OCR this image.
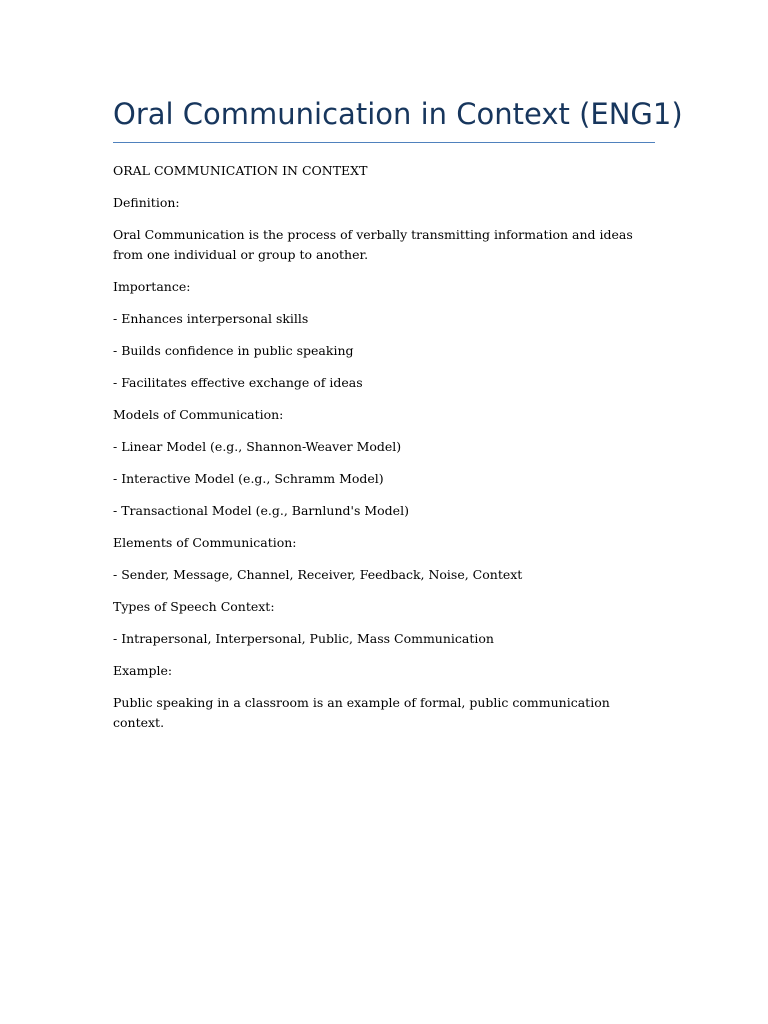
Oral Communication in Context (ENG1)

ORAL COMMUNICATION IN CONTEXT

Definition:

Oral Communication is the process of verbally transmitting information and ideas from one individual or group to another.

Importance:

- Enhances interpersonal skills

- Builds confidence in public speaking

- Facilitates effective exchange of ideas

Models of Communication:

- Linear Model (e.g., Shannon-Weaver Model)

- Interactive Model (e.g., Schramm Model)

- Transactional Model (e.g., Barnlund's Model)

Elements of Communication:

- Sender, Message, Channel, Receiver, Feedback, Noise, Context

Types of Speech Context:

- Intrapersonal, Interpersonal, Public, Mass Communication

Example:

Public speaking in a classroom is an example of formal, public communication context.
